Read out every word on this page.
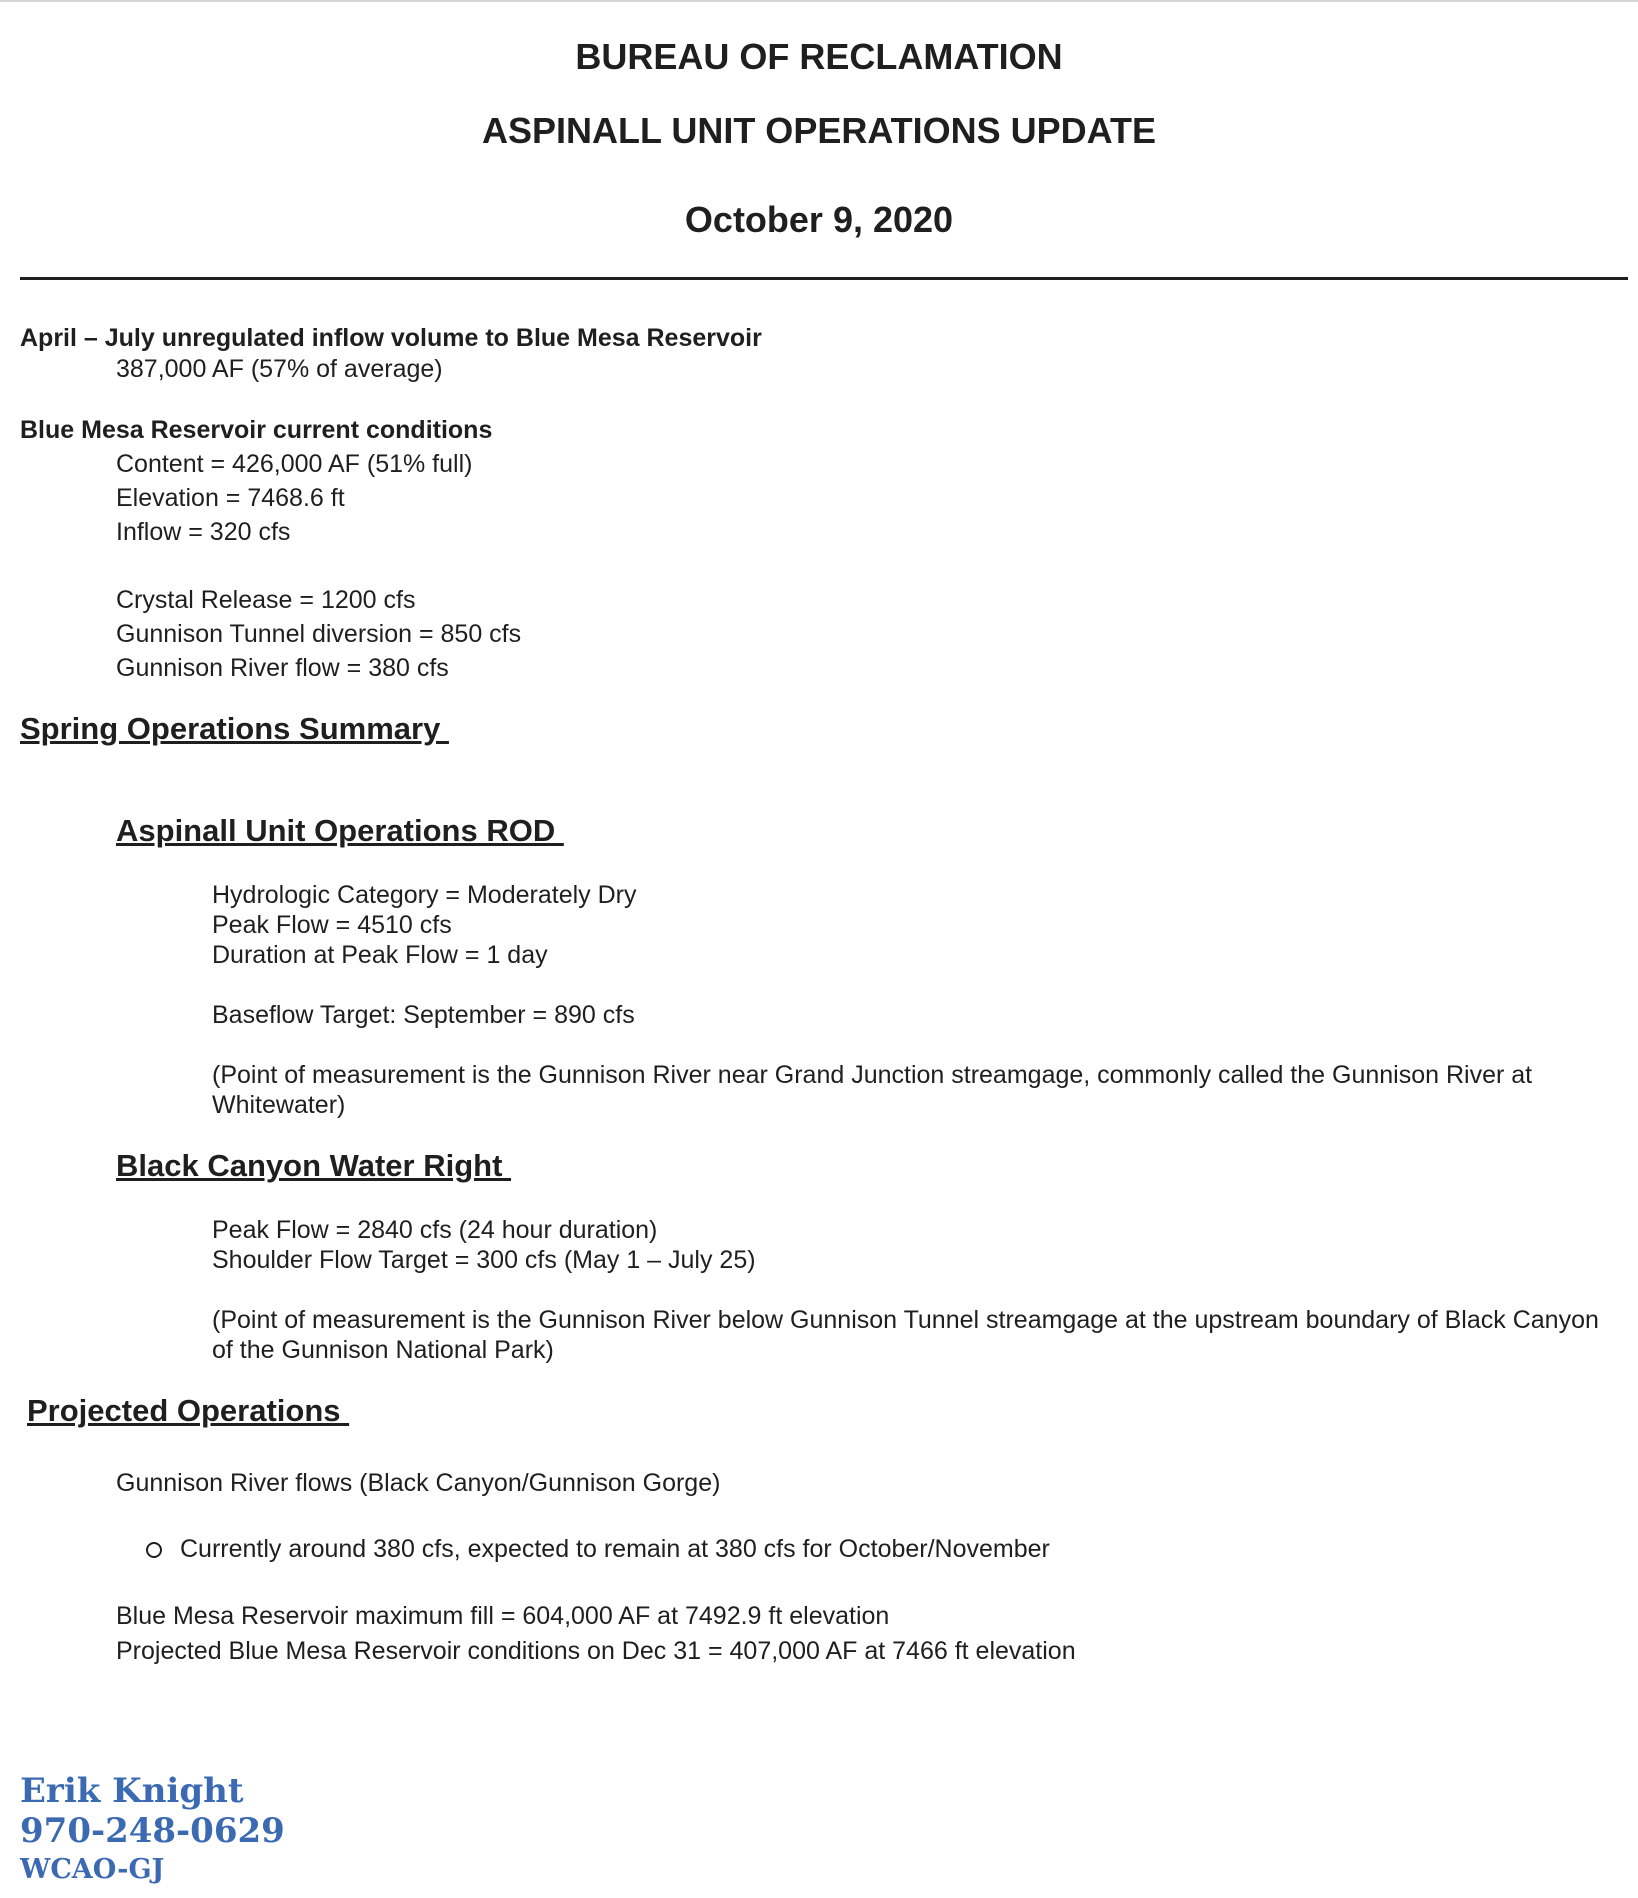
BUREAU OF RECLAMATION
ASPINALL UNIT OPERATIONS UPDATE
October 9, 2020
April – July unregulated inflow volume to Blue Mesa Reservoir
387,000 AF (57% of average)
Blue Mesa Reservoir current conditions
Content = 426,000 AF (51% full)
Elevation = 7468.6 ft
Inflow = 320 cfs
Crystal Release = 1200 cfs
Gunnison Tunnel diversion = 850 cfs
Gunnison River flow = 380 cfs
Spring Operations Summary
Aspinall Unit Operations ROD
Hydrologic Category = Moderately Dry
Peak Flow = 4510 cfs
Duration at Peak Flow = 1 day
Baseflow Target: September = 890 cfs
(Point of measurement is the Gunnison River near Grand Junction streamgage, commonly called the Gunnison River at Whitewater)
Black Canyon Water Right
Peak Flow = 2840 cfs (24 hour duration)
Shoulder Flow Target = 300 cfs (May 1 – July 25)
(Point of measurement is the Gunnison River below Gunnison Tunnel streamgage at the upstream boundary of Black Canyon of the Gunnison National Park)
Projected Operations
Gunnison River flows (Black Canyon/Gunnison Gorge)
Currently around 380 cfs, expected to remain at 380 cfs for October/November
Blue Mesa Reservoir maximum fill = 604,000 AF at 7492.9 ft elevation
Projected Blue Mesa Reservoir conditions on Dec 31 = 407,000 AF at 7466 ft elevation
Erik Knight
970-248-0629
WCAO-GJ
